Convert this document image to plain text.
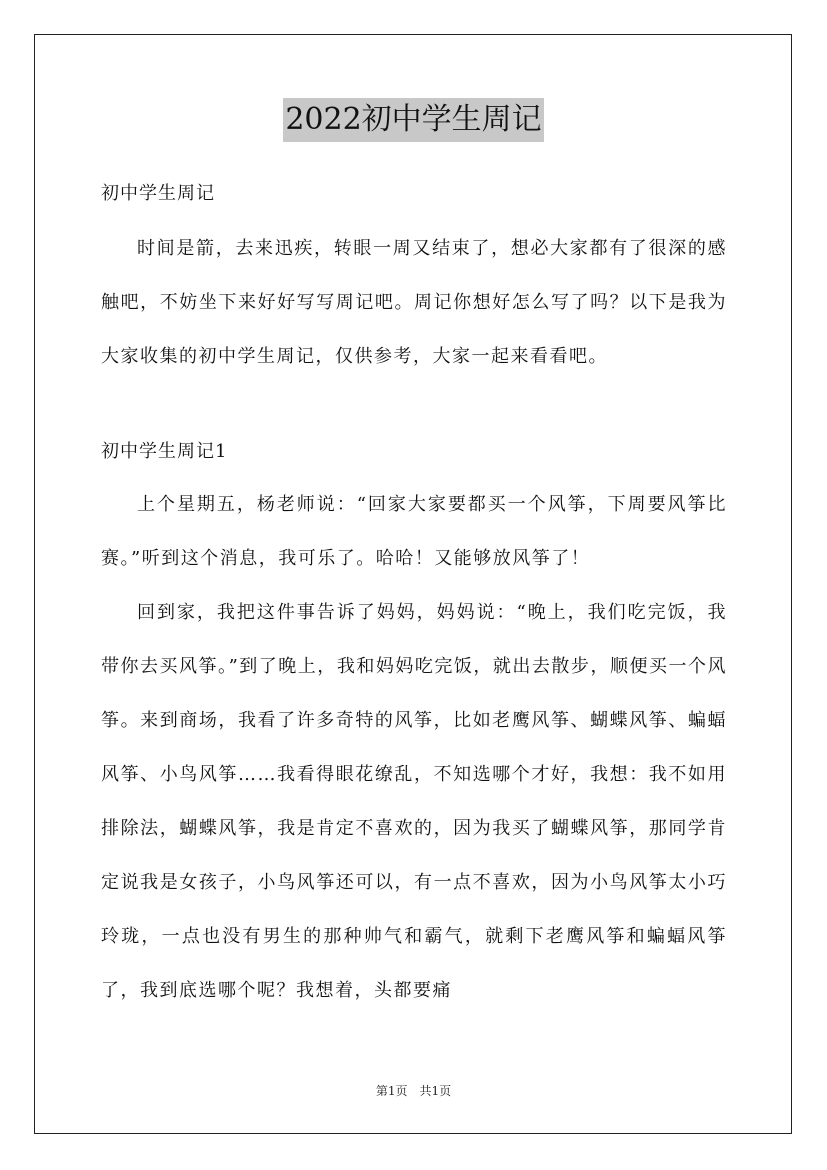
2022初中学生周记

初中学生周记

时间是箭，去来迅疾，转眼一周又结束了，想必大家都有了很深的感触吧，不妨坐下来好好写写周记吧。周记你想好怎么写了吗？以下是我为大家收集的初中学生周记，仅供参考，大家一起来看看吧。

初中学生周记1

上个星期五，杨老师说：“回家大家要都买一个风筝，下周要风筝比赛。”听到这个消息，我可乐了。哈哈！又能够放风筝了！

回到家，我把这件事告诉了妈妈，妈妈说：“晚上，我们吃完饭，我带你去买风筝。”到了晚上，我和妈妈吃完饭，就出去散步，顺便买一个风筝。来到商场，我看了许多奇特的风筝，比如老鹰风筝、蝴蝶风筝、蝙蝠风筝、小鸟风筝……我看得眼花缭乱，不知选哪个才好，我想：我不如用排除法，蝴蝶风筝，我是肯定不喜欢的，因为我买了蝴蝶风筝，那同学肯定说我是女孩子，小鸟风筝还可以，有一点不喜欢，因为小鸟风筝太小巧玲珑，一点也没有男生的那种帅气和霸气，就剩下老鹰风筝和蝙蝠风筝了，我到底选哪个呢？我想着，头都要痛

第1页　共1页
